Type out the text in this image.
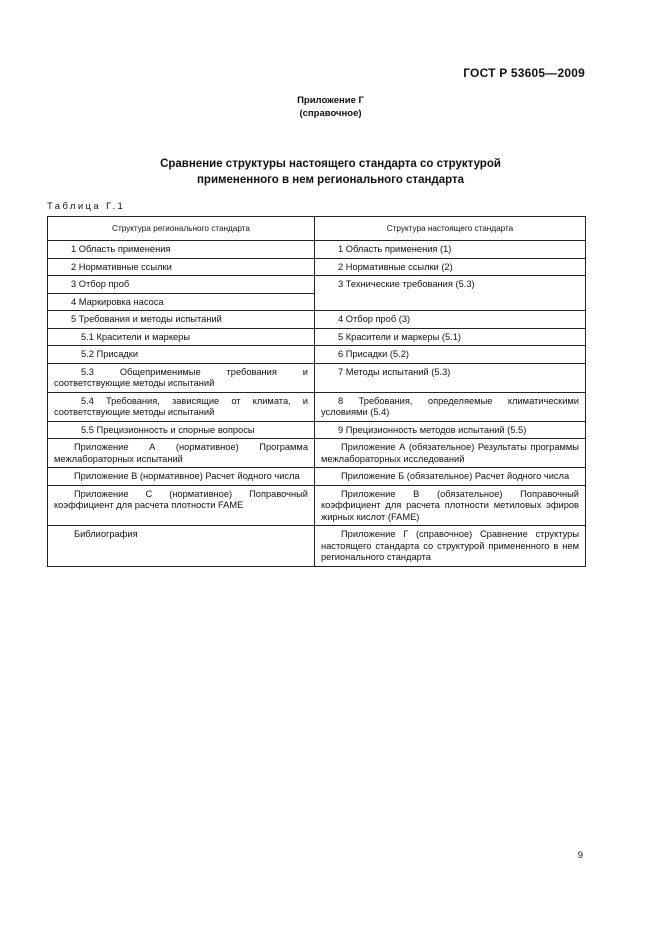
ГОСТ Р 53605—2009
Приложение Г
(справочное)
Сравнение структуры настоящего стандарта со структурой
примененного в нем регионального стандарта
Таблица Г.1
Структура регионального стандарта	Структура настоящего стандарта
1 Область применения	1 Область применения (1)
2 Нормативные ссылки	2 Нормативные ссылки (2)
3 Отбор проб	3 Технические требования (5.3)
4 Маркировка насоса	
5 Требования и методы испытаний	4 Отбор проб (3)
5.1 Красители и маркеры	5 Красители и маркеры (5.1)
5.2 Присадки	6 Присадки (5.2)
5.3 Общеприменимые требования и соответствующие методы испытаний	7 Методы испытаний (5.3)
5.4 Требования, зависящие от климата, и соответствующие методы испытаний	8 Требования, определяемые климатическими условиями (5.4)
5.5 Прецизионность и спорные вопросы	9 Прецизионность методов испытаний (5.5)
Приложение А (нормативное) Программа межлабораторных испытаний	Приложение А (обязательное) Результаты программы межлабораторных исследований
Приложение В (нормативное) Расчет йодного числа	Приложение Б (обязательное) Расчет йодного числа
Приложение С (нормативное) Поправочный коэффициент для расчета плотности FAME	Приложение В (обязательное) Поправочный коэффициент для расчета плотности метиловых эфиров жирных кислот (FAME)
Библиография	Приложение Г (справочное) Сравнение структуры настоящего стандарта со структурой примененного в нем регионального стандарта
9
